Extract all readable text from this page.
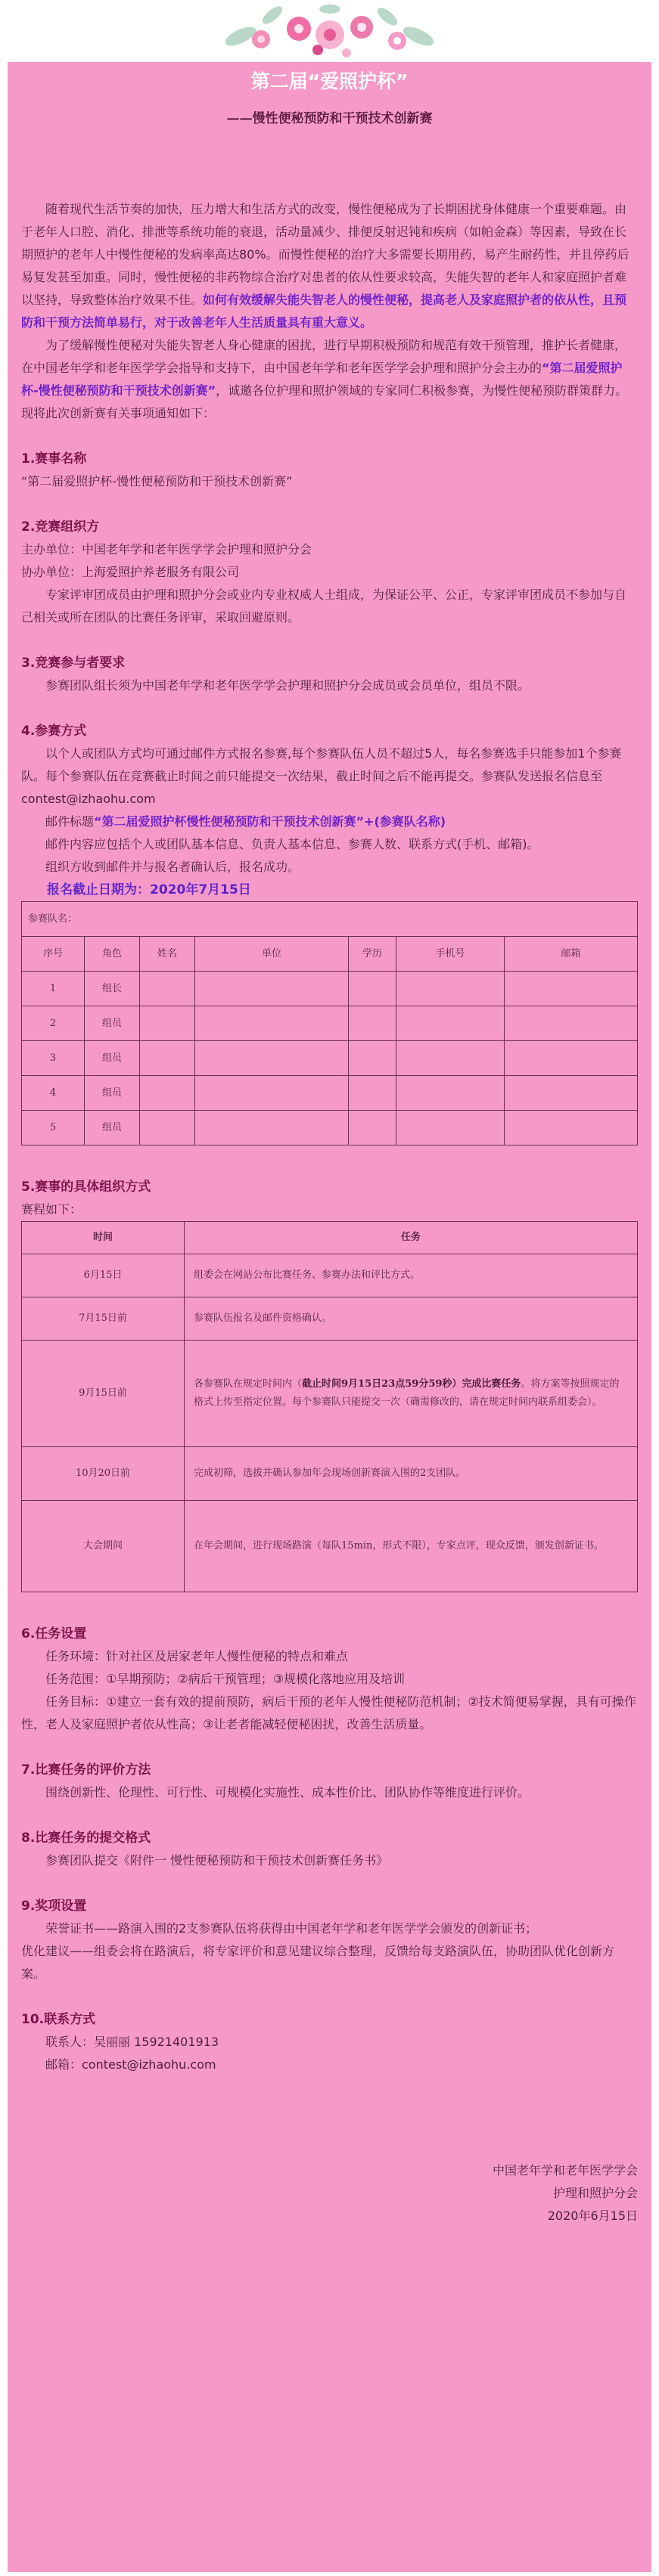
第二届“爱照护杯”
——慢性便秘预防和干预技术创新赛

随着现代生活节奏的加快，压力增大和生活方式的改变，慢性便秘成为了长期困扰身体健康一个重要难题。由于老年人口腔、消化、排泄等系统功能的衰退，活动量减少、排便反射迟钝和疾病（如帕金森）等因素，导致在长期照护的老年人中慢性便秘的发病率高达80%。而慢性便秘的治疗大多需要长期用药，易产生耐药性，并且停药后易复发甚至加重。同时，慢性便秘的非药物综合治疗对患者的依从性要求较高，失能失智的老年人和家庭照护者难以坚持，导致整体治疗效果不佳。如何有效缓解失能失智老人的慢性便秘，提高老人及家庭照护者的依从性，且预防和干预方法简单易行，对于改善老年人生活质量具有重大意义。

为了缓解慢性便秘对失能失智老人身心健康的困扰，进行早期积极预防和规范有效干预管理，推护长者健康，在中国老年学和老年医学学会指导和支持下，由中国老年学和老年医学学会护理和照护分会主办的“第二届爱照护杯-慢性便秘预防和干预技术创新赛”，诚邀各位护理和照护领域的专家同仁积极参赛，为慢性便秘预防群策群力。现将此次创新赛有关事项通知如下：

1.赛事名称

“第二届爱照护杯-慢性便秘预防和干预技术创新赛”

2.竞赛组织方

主办单位：中国老年学和老年医学学会护理和照护分会

协办单位：上海爱照护养老服务有限公司

专家评审团成员由护理和照护分会或业内专业权威人士组成，为保证公平、公正，专家评审团成员不参加与自己相关或所在团队的比赛任务评审，采取回避原则。

3.竞赛参与者要求

参赛团队组长须为中国老年学和老年医学学会护理和照护分会成员或会员单位，组员不限。

4.参赛方式

以个人或团队方式均可通过邮件方式报名参赛,每个参赛队伍人员不超过5人，每名参赛选手只能参加1个参赛队。每个参赛队伍在竞赛截止时间之前只能提交一次结果，截止时间之后不能再提交。参赛队发送报名信息至contest@izhaohu.com

邮件标题“第二届爱照护杯慢性便秘预防和干预技术创新赛”+(参赛队名称)

邮件内容应包括个人或团队基本信息、负责人基本信息、参赛人数、联系方式(手机、邮箱)。

组织方收到邮件并与报名者确认后，报名成功。

报名截止日期为：2020年7月15日

参赛队名：						
序号	角色	姓名	单位	学历	手机号	邮箱
1	组长					
2	组员					
3	组员					
4	组员					
5	组员					

5.赛事的具体组织方式

赛程如下：

时间	任务
6月15日	组委会在网站公布比赛任务、参赛办法和评比方式。
7月15日前	参赛队伍报名及邮件资格确认。
9月15日前	各参赛队在规定时间内（截止时间9月15日23点59分59秒）完成比赛任务。将方案等按照规定的格式上传至指定位置。每个参赛队只能提交一次（确需修改的，请在规定时间内联系组委会）。
10月20日前	完成初筛，选拔并确认参加年会现场创新赛演入围的2支团队。
大会期间	在年会期间，进行现场路演（每队15min，形式不限），专家点评，现众反馈，颁发创新证书。

6.任务设置

任务环境：针对社区及居家老年人慢性便秘的特点和难点

任务范围：①早期预防；②病后干预管理；③规模化落地应用及培训

任务目标：①建立一套有效的提前预防，病后干预的老年人慢性便秘防范机制；②技术简便易掌握，具有可操作性，老人及家庭照护者依从性高；③让老者能减轻便秘困扰，改善生活质量。

7.比赛任务的评价方法

围绕创新性、伦理性、可行性、可规模化实施性、成本性价比、团队协作等维度进行评价。

8.比赛任务的提交格式

参赛团队提交《附件一 慢性便秘预防和干预技术创新赛任务书》

9.奖项设置

荣誉证书——路演入围的2支参赛队伍将获得由中国老年学和老年医学学会颁发的创新证书；

优化建议——组委会将在路演后，将专家评价和意见建议综合整理，反馈给每支路演队伍，协助团队优化创新方案。

10.联系方式

联系人：吴丽丽 15921401913

邮箱：contest@izhaohu.com

中国老年学和老年医学学会

护理和照护分会

2020年6月15日
